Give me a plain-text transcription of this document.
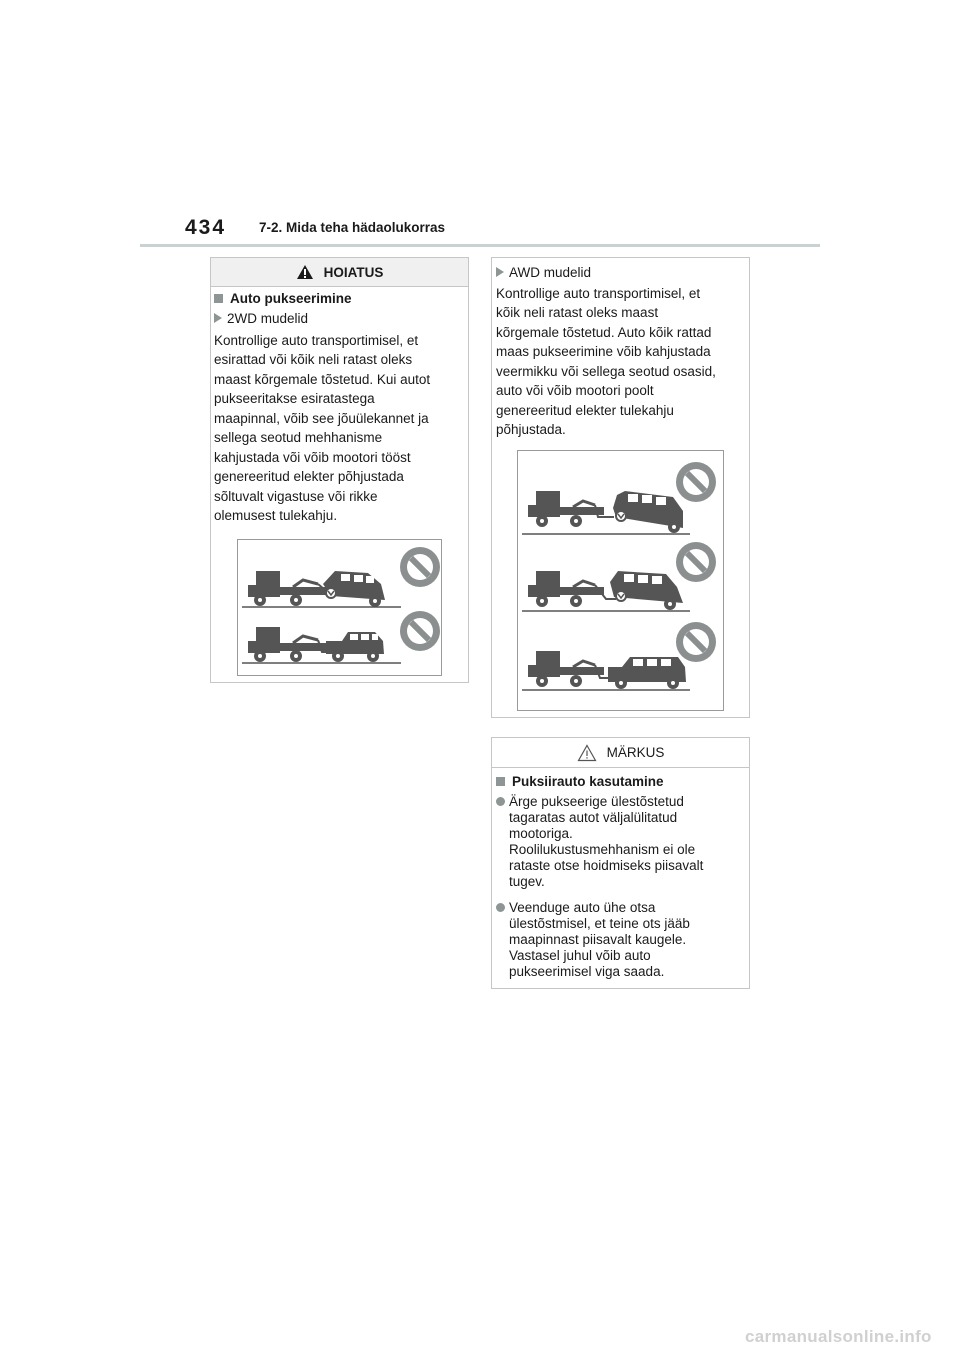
434 7-2. Mida teha hädaolukorras
HOIATUS
Auto pukseerimine
2WD mudelid
Kontrollige auto transportimisel, et
esirattad või kõik neli ratast oleks
maast kõrgemale tõstetud. Kui autot
pukseeritakse esiratastega
maapinnal, võib see jõuülekannet ja
sellega seotud mehhanisme
kahjustada või võib mootori tööst
genereeritud elekter põhjustada
sõltuvalt vigastuse või rikke
olemusest tulekahju.
AWD mudelid
Kontrollige auto transportimisel, et
kõik neli ratast oleks maast
kõrgemale tõstetud. Auto kõik rattad
maas pukseerimine võib kahjustada
veermikku või sellega seotud osasid,
auto või võib mootori poolt
genereeritud elekter tulekahju
põhjustada.
MÄRKUS
Puksiirauto kasutamine
Ärge pukseerige ülestõstetud
tagaratas autot väljalülitatud
mootoriga.
Roolilukustusmehhanism ei ole
rataste otse hoidmiseks piisavalt
tugev.
Veenduge auto ühe otsa
ülestõstmisel, et teine ots jääb
maapinnast piisavalt kaugele.
Vastasel juhul võib auto
pukseerimisel viga saada.
carmanualsonline.info
